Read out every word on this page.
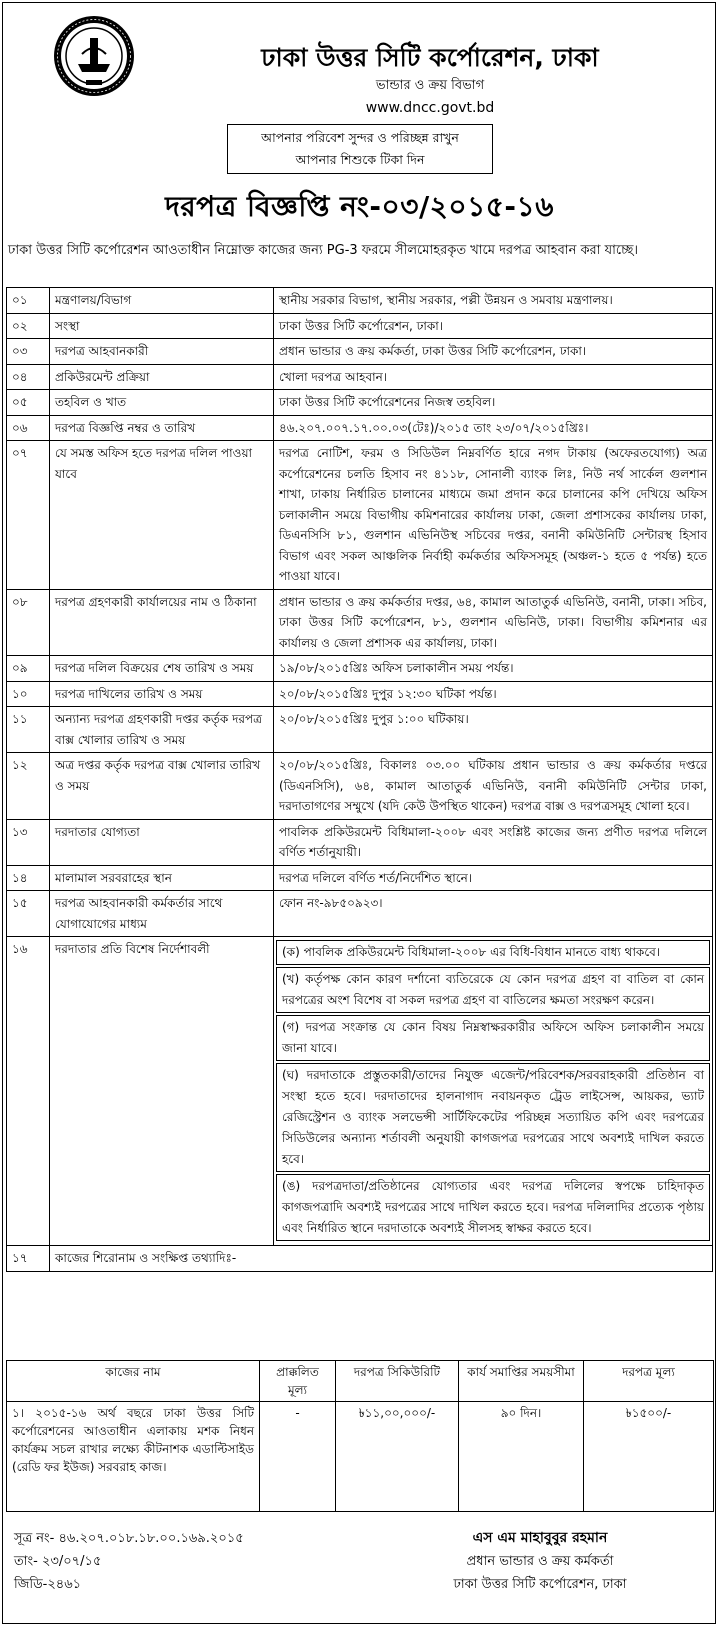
ঢাকা উত্তর সিটি কর্পোরেশন, ঢাকা
ভান্ডার ও ক্রয় বিভাগ
www.dncc.govt.bd
আপনার পরিবেশ সুন্দর ও পরিচ্ছন্ন রাখুন
আপনার শিশুকে টিকা দিন
দরপত্র বিজ্ঞপ্তি নং-০৩/২০১৫-১৬
ঢাকা উত্তর সিটি কর্পোরেশন আওতাধীন নিম্নোক্ত কাজের জন্য PG-3 ফরমে সীলমোহরকৃত খামে দরপত্র আহবান করা যাচ্ছে।
০১	মন্ত্রণালয়/বিভাগ	স্থানীয় সরকার বিভাগ, স্থানীয় সরকার, পল্লী উন্নয়ন ও সমবায় মন্ত্রণালয়।
০২	সংস্থা	ঢাকা উত্তর সিটি কর্পোরেশন, ঢাকা।
০৩	দরপত্র আহবানকারী	প্রধান ভান্ডার ও ক্রয় কর্মকর্তা, ঢাকা উত্তর সিটি কর্পোরেশন, ঢাকা।
০৪	প্রকিউরমেন্ট প্রক্রিয়া	খোলা দরপত্র আহবান।
০৫	তহবিল ও খাত	ঢাকা উত্তর সিটি কর্পোরেশনের নিজস্ব তহবিল।
০৬	দরপত্র বিজ্ঞপ্তি নম্বর ও তারিখ	৪৬.২০৭.০০৭.১৭.০০.০৩(টেঃ)/২০১৫ তাং ২৩/০৭/২০১৫খ্রিঃ।
০৭	যে সমস্ত অফিস হতে দরপত্র দলিল পাওয়া যাবে	দরপত্র নোটিশ, ফরম ও সিডিউল নিম্নবর্ণিত হারে নগদ টাকায় (অফেরতযোগ্য) অত্র কর্পোরেশনের চলতি হিসাব নং ৪১১৮, সোনালী ব্যাংক লিঃ, নিউ নর্থ সার্কেল গুলশান শাখা, ঢাকায় নির্ধারিত চালানের মাধ্যমে জমা প্রদান করে চালানের কপি দেখিয়ে অফিস চলাকালীন সময়ে বিভাগীয় কমিশনারের কার্যালয় ঢাকা, জেলা প্রশাসকের কার্যালয় ঢাকা, ডিএনসিসি ৮১, গুলশান এভিনিউস্থ সচিবের দপ্তর, বনানী কমিউনিটি সেন্টারস্থ হিসাব বিভাগ এবং সকল আঞ্চলিক নির্বাহী কর্মকর্তার অফিসসমূহ (অঞ্চল-১ হতে ৫ পর্যন্ত) হতে পাওয়া যাবে।
০৮	দরপত্র গ্রহণকারী কার্যালয়ের নাম ও ঠিকানা	প্রধান ভান্ডার ও ক্রয় কর্মকর্তার দপ্তর, ৬৪, কামাল আতাতুর্ক এভিনিউ, বনানী, ঢাকা। সচিব, ঢাকা উত্তর সিটি কর্পোরেশন, ৮১, গুলশান এভিনিউ, ঢাকা। বিভাগীয় কমিশনার এর কার্যালয় ও জেলা প্রশাসক এর কার্যালয়, ঢাকা।
০৯	দরপত্র দলিল বিক্রয়ের শেষ তারিখ ও সময়	১৯/০৮/২০১৫খ্রিঃ অফিস চলাকালীন সময় পর্যন্ত।
১০	দরপত্র দাখিলের তারিখ ও সময়	২০/০৮/২০১৫খ্রিঃ দুপুর ১২:৩০ ঘটিকা পর্যন্ত।
১১	অন্যান্য দরপত্র গ্রহণকারী দপ্তর কর্তৃক দরপত্র বাক্স খোলার তারিখ ও সময়	২০/০৮/২০১৫খ্রিঃ দুপুর ১:০০ ঘটিকায়।
১২	অত্র দপ্তর কর্তৃক দরপত্র বাক্স খোলার তারিখ ও সময়	২০/০৮/২০১৫খ্রিঃ, বিকালঃ ০৩.০০ ঘটিকায় প্রধান ভান্ডার ও ক্রয় কর্মকর্তার দপ্তরে (ডিএনসিসি), ৬৪, কামাল আতাতুর্ক এভিনিউ, বনানী কমিউনিটি সেন্টার ঢাকা, দরদাতাগণের সম্মুখে (যদি কেউ উপস্থিত থাকেন) দরপত্র বাক্স ও দরপত্রসমূহ খোলা হবে।
১৩	দরদাতার যোগ্যতা	পাবলিক প্রকিউরমেন্ট বিধিমালা-২০০৮ এবং সংশ্লিষ্ট কাজের জন্য প্রণীত দরপত্র দলিলে বর্ণিত শর্তানুযায়ী।
১৪	মালামাল সরবরাহের স্থান	দরপত্র দলিলে বর্ণিত শর্ত/নির্দেশিত স্থানে।
১৫	দরপত্র আহবানকারী কর্মকর্তার সাথে যোগাযোগের মাধ্যম	ফোন নং-৯৮৫০৯২৩।
১৬	দরদাতার প্রতি বিশেষ নির্দেশাবলী	(ক) পাবলিক প্রকিউরমেন্ট বিধিমালা-২০০৮ এর বিধি-বিধান মানতে বাধ্য থাকবে।
(খ) কর্তৃপক্ষ কোন কারণ দর্শানো ব্যতিরেকে যে কোন দরপত্র গ্রহণ বা বাতিল বা কোন দরপত্রের অংশ বিশেষ বা সকল দরপত্র গ্রহণ বা বাতিলের ক্ষমতা সংরক্ষণ করেন।
(গ) দরপত্র সংক্রান্ত যে কোন বিষয় নিম্নস্বাক্ষরকারীর অফিসে অফিস চলাকালীন সময়ে জানা যাবে।
(ঘ) দরদাতাকে প্রস্তুতকারী/তাদের নিযুক্ত এজেন্ট/পরিবেশক/সরবরাহকারী প্রতিষ্ঠান বা সংস্থা হতে হবে। দরদাতাদের হালনাগাদ নবায়নকৃত ট্রেড লাইসেন্স, আয়কর, ভ্যাট রেজিস্ট্রেশন ও ব্যাংক সলভেন্সী সার্টিফিকেটের পরিচ্ছন্ন সত্যায়িত কপি এবং দরপত্রের সিডিউলের অন্যান্য শর্তাবলী অনুযায়ী কাগজপত্র দরপত্রের সাথে অবশ্যই দাখিল করতে হবে।
(ঙ) দরপত্রদাতা/প্রতিষ্ঠানের যোগ্যতার এবং দরপত্র দলিলের স্বপক্ষে চাহিদাকৃত কাগজপত্রাদি অবশ্যই দরপত্রের সাথে দাখিল করতে হবে। দরপত্র দলিলাদির প্রত্যেক পৃষ্ঠায় এবং নির্ধারিত স্থানে দরদাতাকে অবশ্যই সীলসহ স্বাক্ষর করতে হবে।

১৭	কাজের শিরোনাম ও সংক্ষিপ্ত তথ্যাদিঃ-	
কাজের নাম	প্রাক্কলিত মূল্য	দরপত্র সিকিউরিটি	কার্য সমাপ্তির সময়সীমা	দরপত্র মূল্য
১। ২০১৫-১৬ অর্থ বছরে ঢাকা উত্তর সিটি কর্পোরেশনের আওতাধীন এলাকায় মশক নিধন কার্যক্রম সচল রাখার লক্ষ্যে কীটনাশক এডাল্টিসাইড (রেডি ফর ইউজ) সরবরাহ কাজ।	-	৳১১,০০,০০০/-	৯০ দিন।	৳১৫০০/-
সূত্র নং- ৪৬.২০৭.০১৮.১৮.০০.১৬৯.২০১৫
তাং- ২৩/০৭/১৫
জিডি-২৪৬১
এস এম মাহাবুবুর রহমান
প্রধান ভান্ডার ও ক্রয় কর্মকর্তা
ঢাকা উত্তর সিটি কর্পোরেশন, ঢাকা
